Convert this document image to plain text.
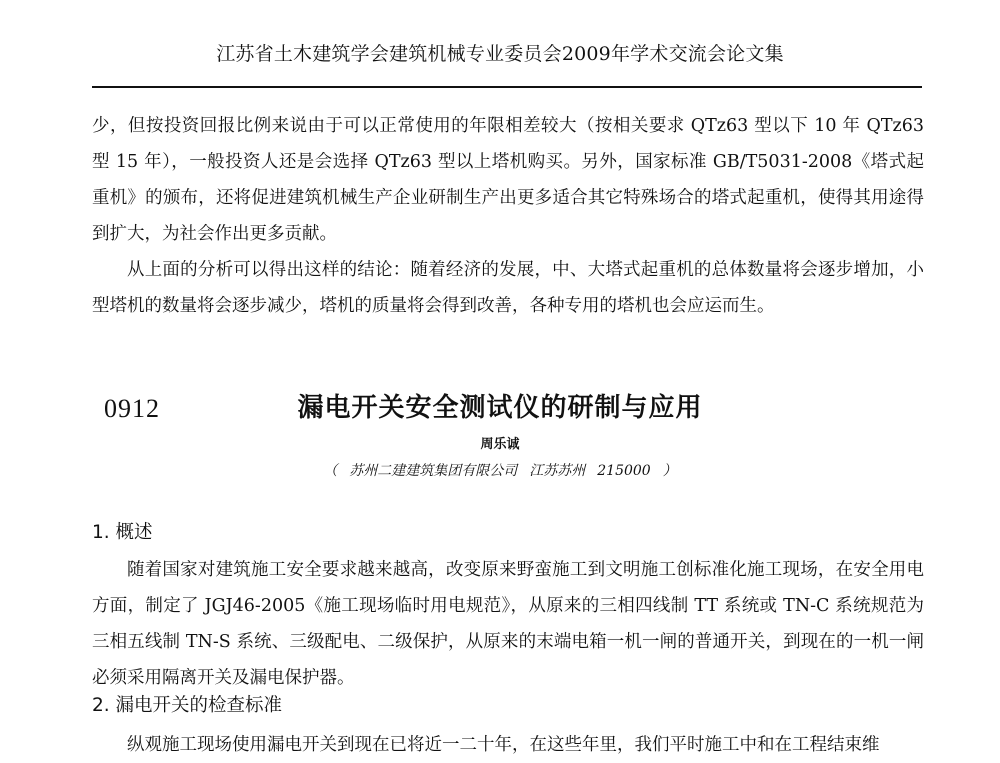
江苏省土木建筑学会建筑机械专业委员会2009年学术交流会论文集

少，但按投资回报比例来说由于可以正常使用的年限相差较大（按相关要求 QTz63 型以下 10 年 QTz63 型 15 年），一般投资人还是会选择 QTz63 型以上塔机购买。另外，国家标准 GB/T5031-2008《塔式起重机》的颁布，还将促进建筑机械生产企业研制生产出更多适合其它特殊场合的塔式起重机，使得其用途得到扩大，为社会作出更多贡献。

从上面的分析可以得出这样的结论：随着经济的发展，中、大塔式起重机的总体数量将会逐步增加，小型塔机的数量将会逐步减少，塔机的质量将会得到改善，各种专用的塔机也会应运而生。

0912	漏电开关安全测试仪的研制与应用
周乐诚
（ 苏州二建建筑集团有限公司 江苏苏州 215000 ）
1. 概述

随着国家对建筑施工安全要求越来越高，改变原来野蛮施工到文明施工创标准化施工现场，在安全用电方面，制定了 JGJ46-2005《施工现场临时用电规范》，从原来的三相四线制 TT 系统或 TN-C 系统规范为三相五线制 TN-S 系统、三级配电、二级保护，从原来的末端电箱一机一闸的普通开关，到现在的一机一闸必须采用隔离开关及漏电保护器。

2. 漏电开关的检查标准

纵观施工现场使用漏电开关到现在已将近一二十年，在这些年里，我们平时施工中和在工程结束维
